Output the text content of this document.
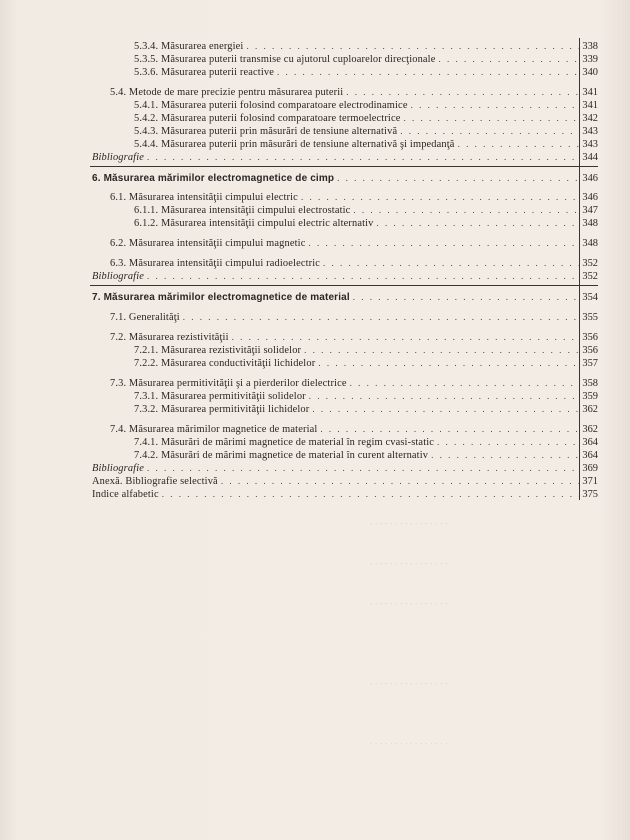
5.3.4. Măsurarea energiei . . .	338
5.3.5. Măsurarea puterii transmise cu ajutorul cuploarelor direcţionale . . .	339
5.3.6. Măsurarea puterii reactive . . .	340
5.4. Metode de mare precizie pentru măsurarea puterii . . .	341
5.4.1. Măsurarea puterii folosind comparatoare electrodinamice . . .	341
5.4.2. Măsurarea puterii folosind comparatoare termoelectrice . . .	342
5.4.3. Măsurarea puterii prin măsurări de tensiune alternativă . . .	343
5.4.4. Măsurarea puterii prin măsurări de tensiune alternativă şi impedanţă . . .	343
Bibliografie . . .	344
6. Măsurarea mărimilor electromagnetice de cimp . . .	346
6.1. Măsurarea intensităţii cimpului electric . . .	346
6.1.1. Măsurarea intensităţii cimpului electrostatic . . .	347
6.1.2. Măsurarea intensităţii cimpului electric alternativ . . .	348
6.2. Măsurarea intensităţii cimpului magnetic . . .	348
6.3. Măsurarea intensităţii cimpului radioelectric . . .	352
Bibliografie . . .	352
7. Măsurarea mărimilor electromagnetice de material . . .	354
7.1. Generalităţi . . .	355
7.2. Măsurarea rezistivităţii . . .	356
7.2.1. Măsurarea rezistivităţii solidelor . . .	356
7.2.2. Măsurarea conductivităţii lichidelor . . .	357
7.3. Măsurarea permitivităţii şi a pierderilor dielectrice . . .	358
7.3.1. Măsurarea permitivităţii solidelor . . .	359
7.3.2. Măsurarea permitivităţii lichidelor . . .	362
7.4. Măsurarea mărimilor magnetice de material . . .	362
7.4.1. Măsurări de mărimi magnetice de material în regim cvasi-static . . .	364
7.4.2. Măsurări de mărimi magnetice de material în curent alternativ . . .	364
Bibliografie . . .	369
Anexă. Bibliografie selectivă . . .	371
Indice alfabetic . . .	375
. . . . . . . . . . . . . . . .
. . . . . . . . . . . . . . . .
. . . . . . . . . . . . . . . .
. . . . . . . . . . . . . . . .
. . . . . . . . . . . . . . . .
